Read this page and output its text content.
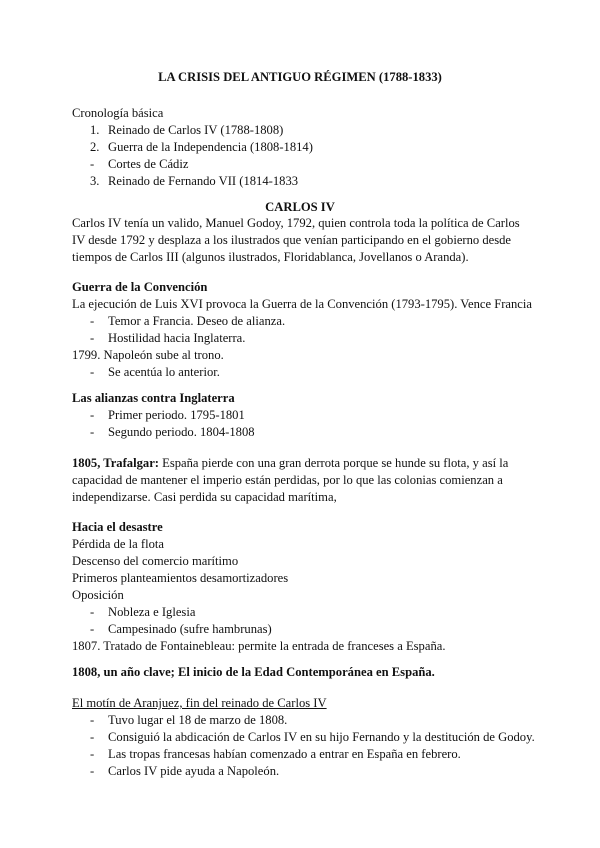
LA CRISIS DEL ANTIGUO RÉGIMEN (1788-1833)
Cronología básica
1. Reinado de Carlos IV (1788-1808)
2. Guerra de la Independencia (1808-1814)
- Cortes de Cádiz
3. Reinado de Fernando VII (1814-1833
CARLOS IV
Carlos IV tenía un valido, Manuel Godoy, 1792, quien controla toda la política de Carlos IV desde 1792 y desplaza a los ilustrados que venían participando en el gobierno desde tiempos de Carlos III (algunos ilustrados, Floridablanca, Jovellanos o Aranda).
Guerra de la Convención
La ejecución de Luis XVI provoca la Guerra de la Convención (1793-1795). Vence Francia
- Temor a Francia. Deseo de alianza.
- Hostilidad hacia Inglaterra.
1799. Napoleón sube al trono.
- Se acentúa lo anterior.
Las alianzas contra Inglaterra
- Primer periodo. 1795-1801
- Segundo periodo. 1804-1808
1805, Trafalgar: España pierde con una gran derrota porque se hunde su flota, y así la capacidad de mantener el imperio están perdidas, por lo que las colonias comienzan a independizarse. Casi perdida su capacidad marítima,
Hacia el desastre
Pérdida de la flota
Descenso del comercio marítimo
Primeros planteamientos desamortizadores
Oposición
- Nobleza e Iglesia
- Campesinado (sufre hambrunas)
1807. Tratado de Fontainebleau: permite la entrada de franceses a España.
1808, un año clave; El inicio de la Edad Contemporánea en España.
El motín de Aranjuez, fin del reinado de Carlos IV
- Tuvo lugar el 18 de marzo de 1808.
- Consiguió la abdicación de Carlos IV en su hijo Fernando y la destitución de Godoy.
- Las tropas francesas habían comenzado a entrar en España en febrero.
- Carlos IV pide ayuda a Napoleón.
